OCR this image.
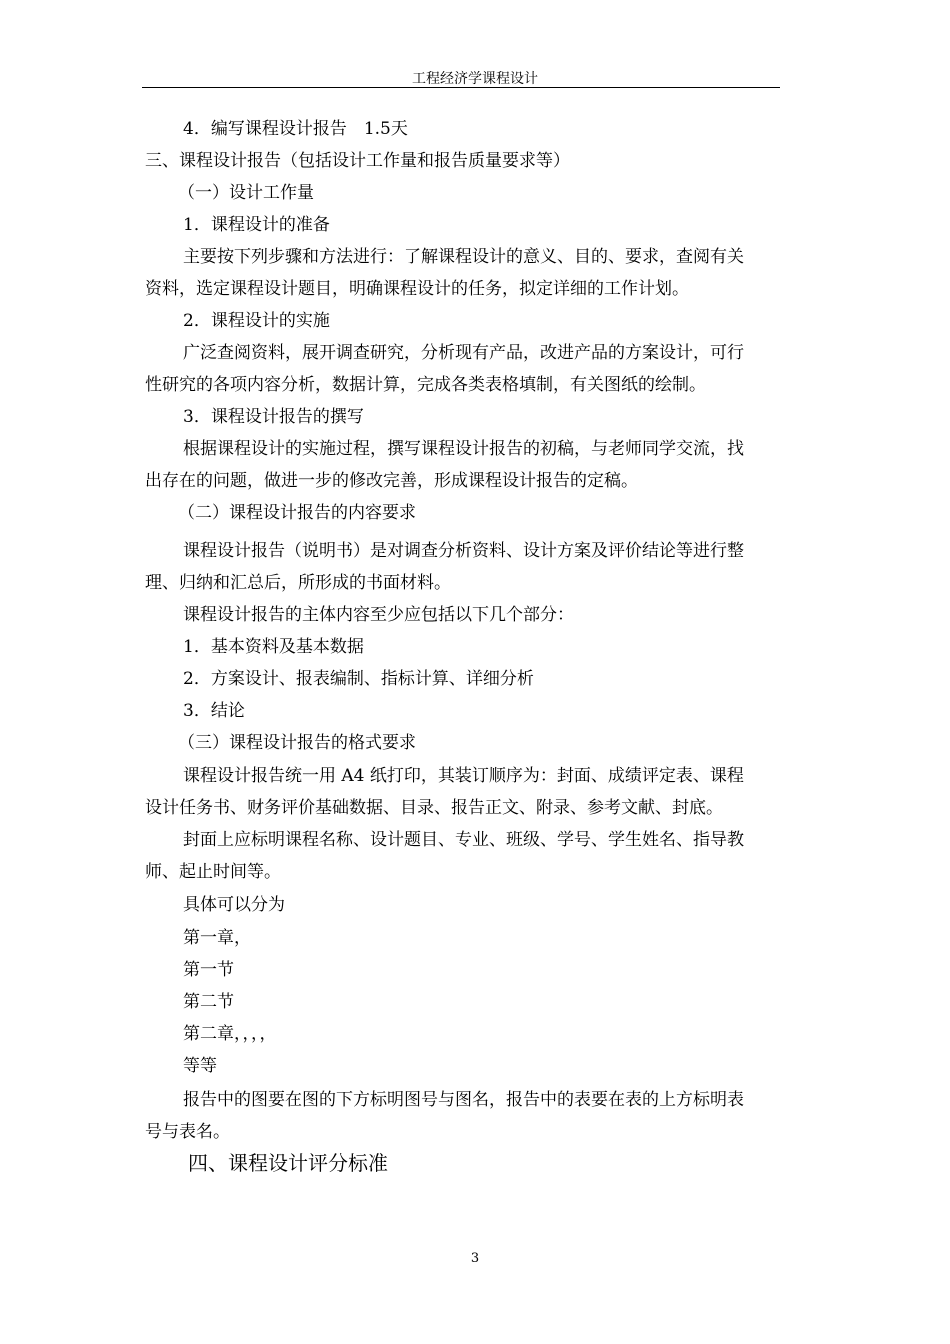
工程经济学课程设计
4．编写课程设计报告　1.5天
三、课程设计报告（包括设计工作量和报告质量要求等）
（一）设计工作量
1．课程设计的准备
主要按下列步骤和方法进行：了解课程设计的意义、目的、要求，查阅有关
资料，选定课程设计题目，明确课程设计的任务，拟定详细的工作计划。
2．课程设计的实施
广泛查阅资料，展开调查研究，分析现有产品，改进产品的方案设计，可行
性研究的各项内容分析，数据计算，完成各类表格填制，有关图纸的绘制。
3．课程设计报告的撰写
根据课程设计的实施过程，撰写课程设计报告的初稿，与老师同学交流，找
出存在的问题，做进一步的修改完善，形成课程设计报告的定稿。
（二）课程设计报告的内容要求
课程设计报告（说明书）是对调查分析资料、设计方案及评价结论等进行整
理、归纳和汇总后，所形成的书面材料。
课程设计报告的主体内容至少应包括以下几个部分：
1．基本资料及基本数据
2．方案设计、报表编制、指标计算、详细分析
3．结论
（三）课程设计报告的格式要求
课程设计报告统一用 A4 纸打印，其装订顺序为：封面、成绩评定表、课程
设计任务书、财务评价基础数据、目录、报告正文、附录、参考文献、封底。
封面上应标明课程名称、设计题目、专业、班级、学号、学生姓名、指导教
师、起止时间等。
具体可以分为
第一章，
第一节
第二节
第二章，，，，
等等
报告中的图要在图的下方标明图号与图名，报告中的表要在表的上方标明表
号与表名。
四、课程设计评分标准
3
